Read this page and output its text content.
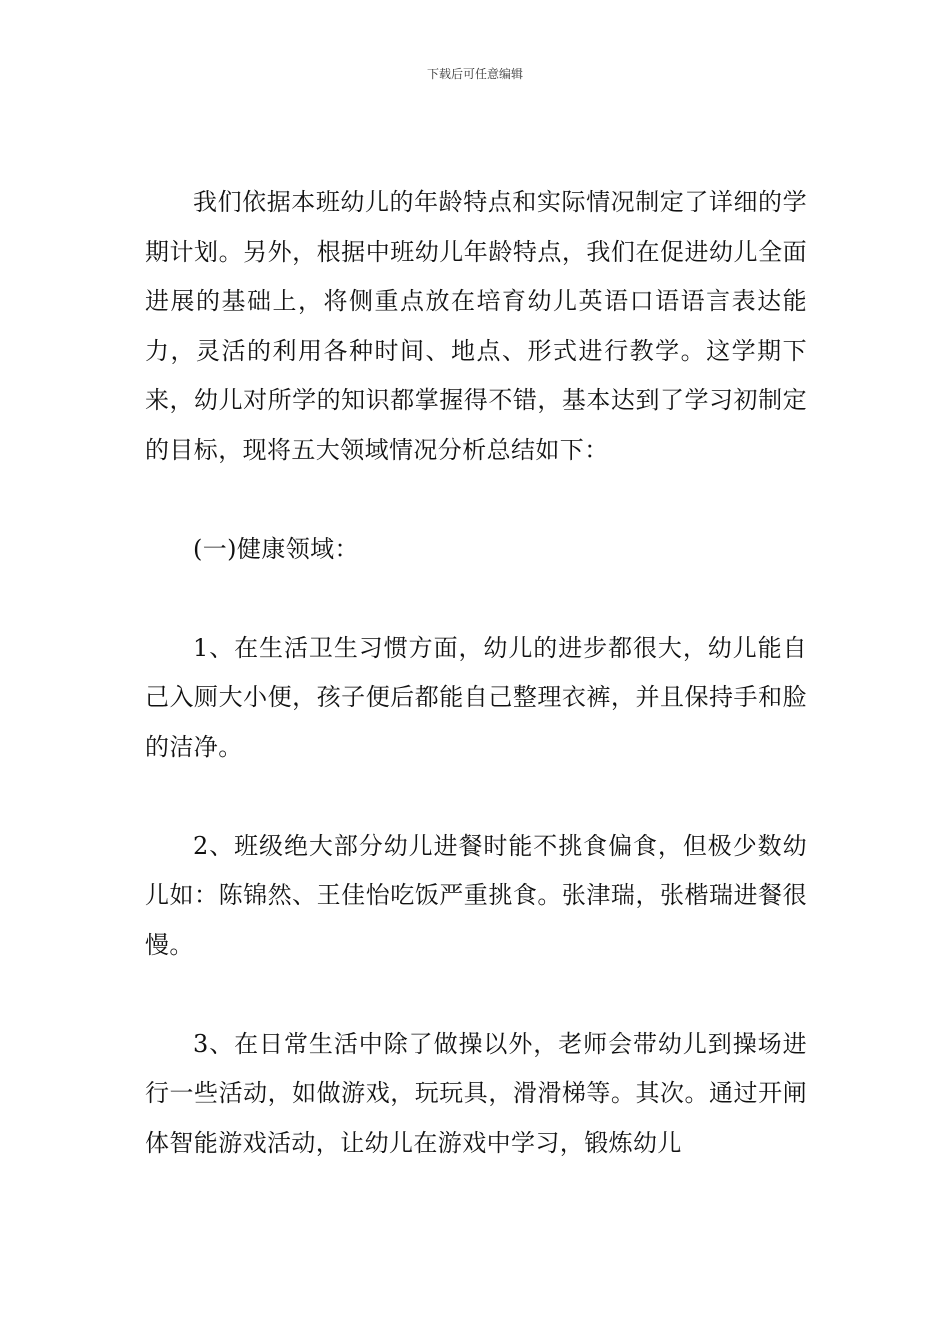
下载后可任意编辑

我们依据本班幼儿的年龄特点和实际情况制定了详细的学期计划。另外，根据中班幼儿年龄特点，我们在促进幼儿全面进展的基础上，将侧重点放在培育幼儿英语口语语言表达能力，灵活的利用各种时间、地点、形式进行教学。这学期下来，幼儿对所学的知识都掌握得不错，基本达到了学习初制定的目标，现将五大领域情况分析总结如下：

(一)健康领域：

1、在生活卫生习惯方面，幼儿的进步都很大，幼儿能自己入厕大小便，孩子便后都能自己整理衣裤，并且保持手和脸的洁净。

2、班级绝大部分幼儿进餐时能不挑食偏食，但极少数幼儿如：陈锦然、王佳怡吃饭严重挑食。张津瑞，张楷瑞进餐很慢。

3、在日常生活中除了做操以外，老师会带幼儿到操场进行一些活动，如做游戏，玩玩具，滑滑梯等。其次。通过开闸体智能游戏活动，让幼儿在游戏中学习，锻炼幼儿
